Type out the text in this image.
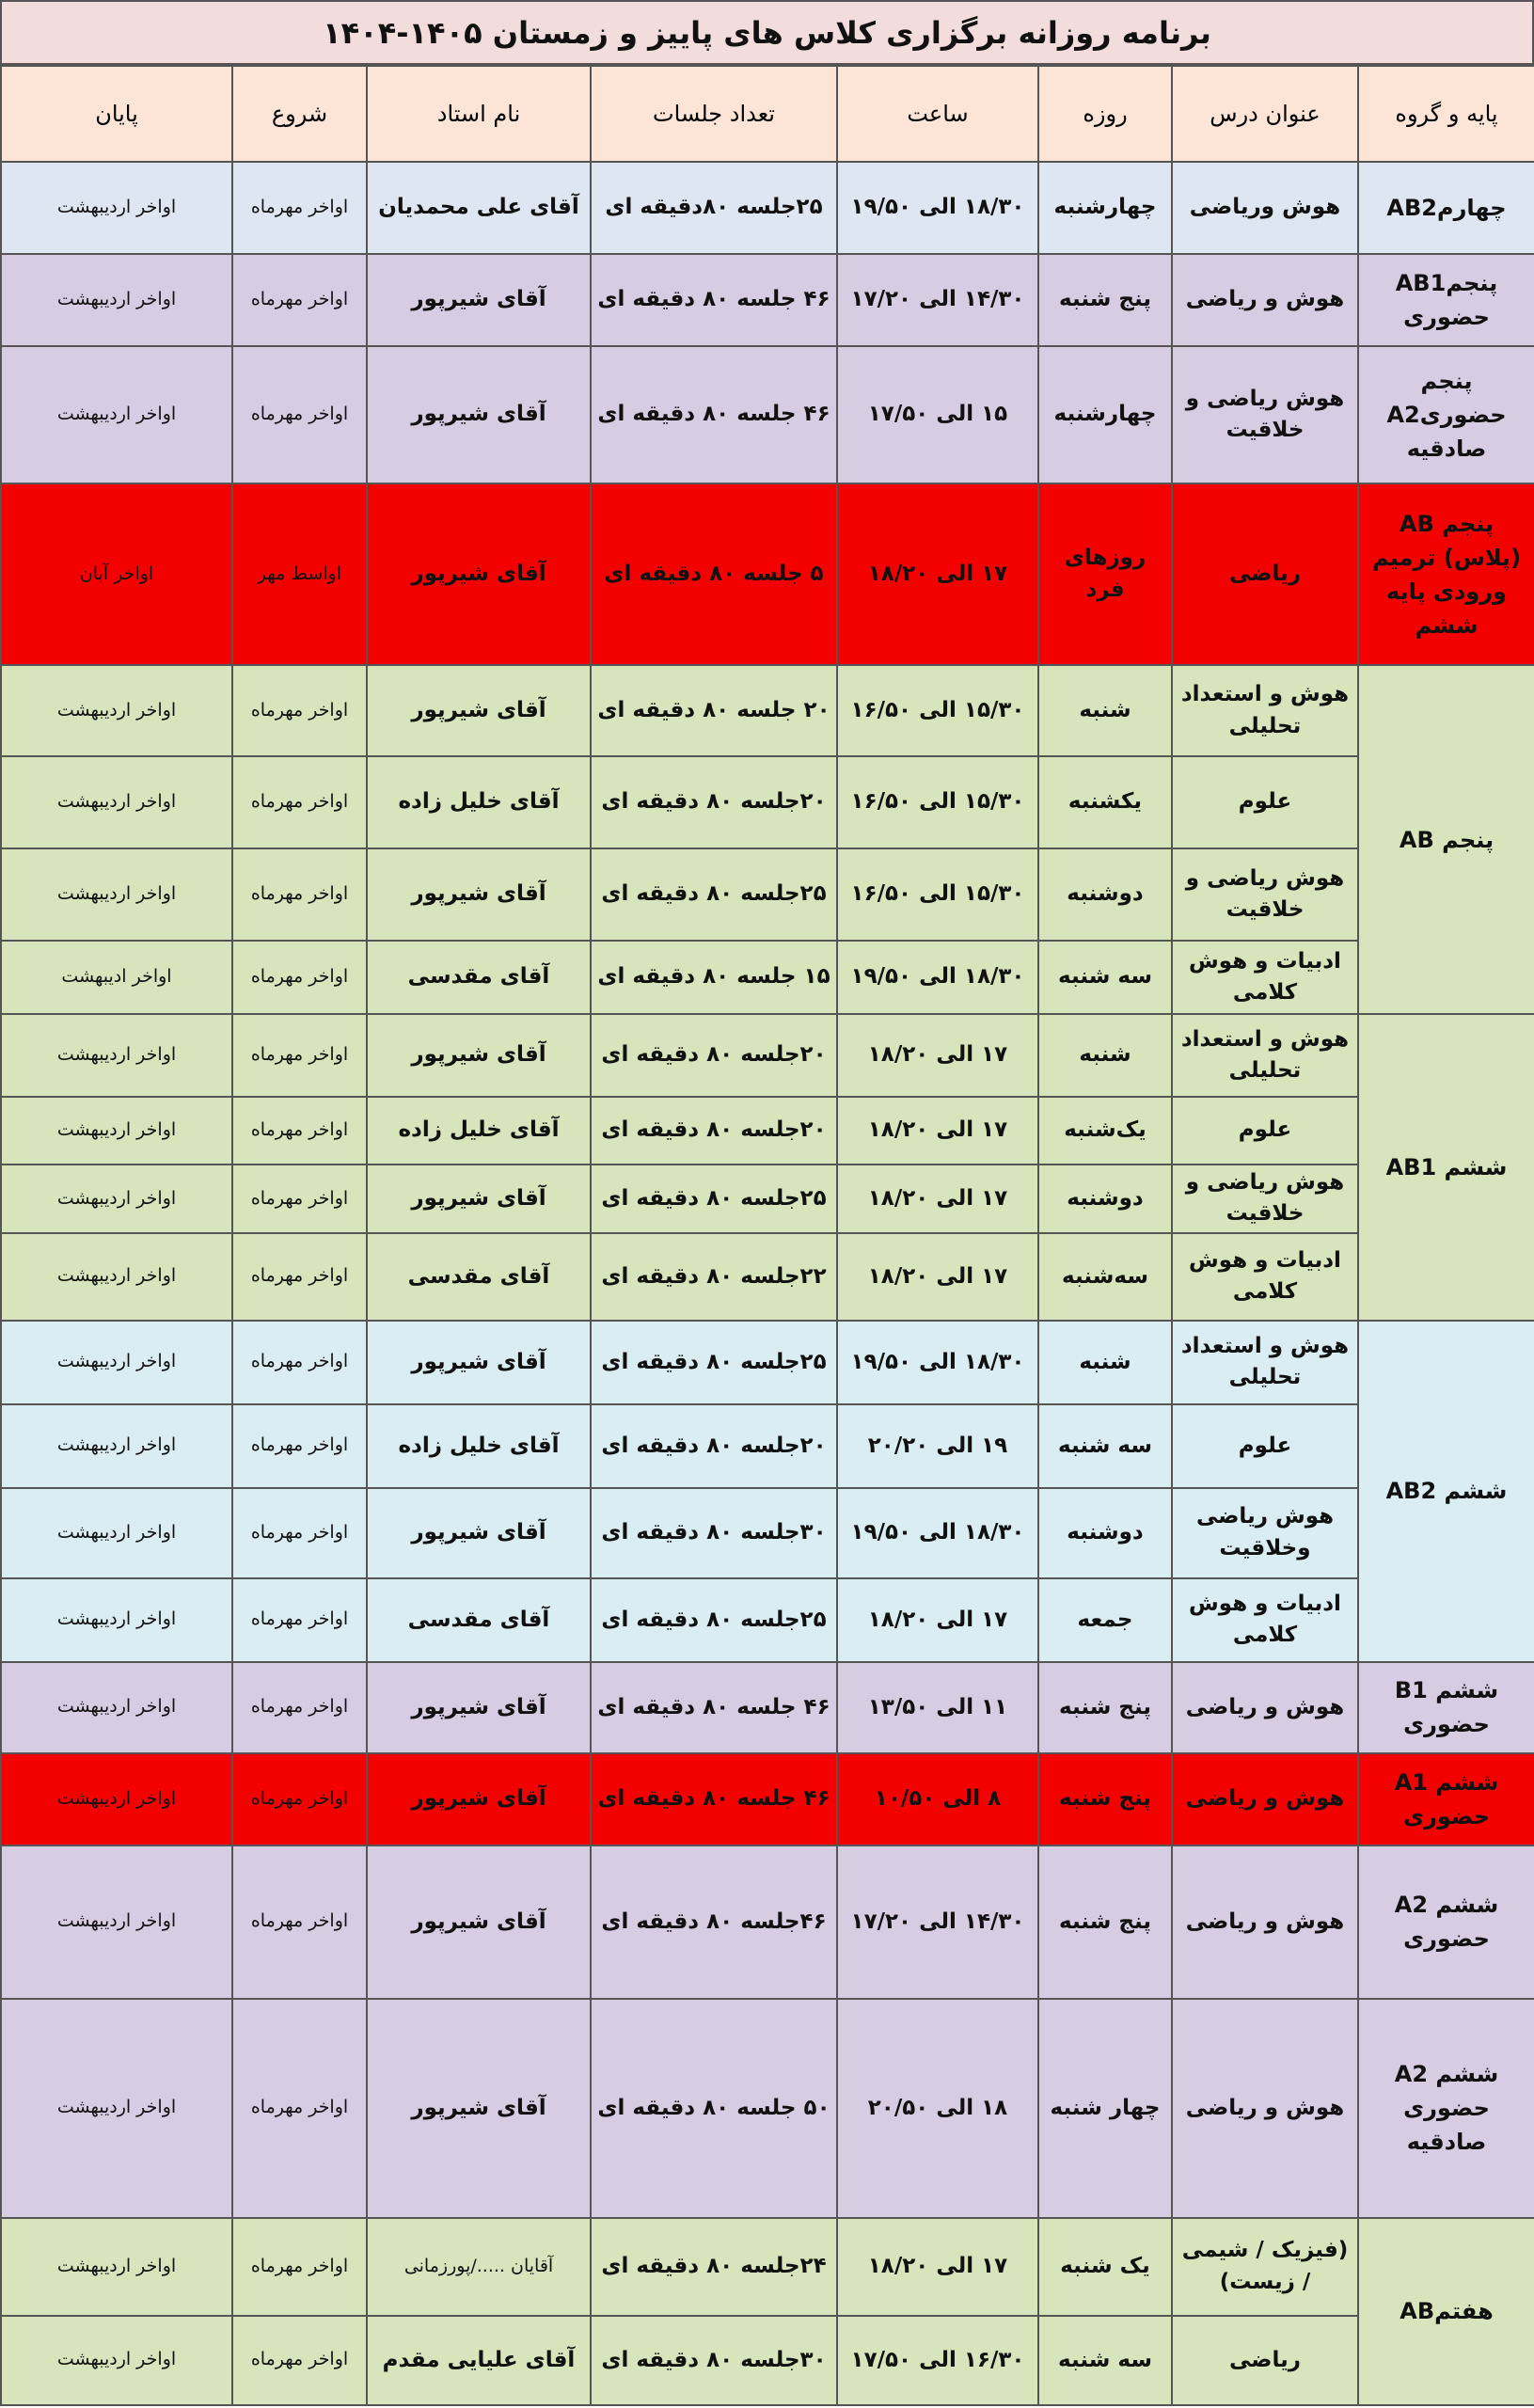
برنامه روزانه برگزاری کلاس های پاییز و زمستان ۱۴۰۵-۱۴۰۴
پایه و گروه	عنوان درس	روزه	ساعت	تعداد جلسات	نام استاد	شروع	پایان
چهارمAB2	هوش وریاضی	چهارشنبه	۱۸/۳۰ الی ۱۹/۵۰	۲۵جلسه ۸۰دقیقه ای	آقای علی محمدیان	اواخر مهرماه	اواخر اردیبهشت
پنجمAB1 حضوری	هوش و ریاضی	پنج شنبه	۱۴/۳۰ الی ۱۷/۲۰	۴۶ جلسه ۸۰ دقیقه ای	آقای شیرپور	اواخر مهرماه	اواخر اردیبهشت
پنجم حضوریA2 صادقیه	هوش ریاضی و خلاقیت	چهارشنبه	۱۵ الی ۱۷/۵۰	۴۶ جلسه ۸۰ دقیقه ای	آقای شیرپور	اواخر مهرماه	اواخر اردیبهشت
پنجم AB (پلاس) ترمیم ورودی پایه ششم	ریاضی	روزهای فرد	۱۷ الی ۱۸/۲۰	۵ جلسه ۸۰ دقیقه ای	آقای شیرپور	اواسط مهر	اواخر آبان
پنجم AB	هوش و استعداد تحلیلی	شنبه	۱۵/۳۰ الی ۱۶/۵۰	۲۰ جلسه ۸۰ دقیقه ای	آقای شیرپور	اواخر مهرماه	اواخر اردیبهشت
	علوم	یکشنبه	۱۵/۳۰ الی ۱۶/۵۰	۲۰جلسه ۸۰ دقیقه ای	آقای خلیل زاده	اواخر مهرماه	اواخر اردیبهشت
	هوش ریاضی و خلاقیت	دوشنبه	۱۵/۳۰ الی ۱۶/۵۰	۲۵جلسه ۸۰ دقیقه ای	آقای شیرپور	اواخر مهرماه	اواخر اردیبهشت
	ادبیات و هوش کلامی	سه شنبه	۱۸/۳۰ الی ۱۹/۵۰	۱۵ جلسه ۸۰ دقیقه ای	آقای مقدسی	اواخر مهرماه	اواخر ادیبهشت
ششم AB1	هوش و استعداد تحلیلی	شنبه	۱۷ الی ۱۸/۲۰	۲۰جلسه ۸۰ دقیقه ای	آقای شیرپور	اواخر مهرماه	اواخر اردیبهشت
	علوم	یک‌شنبه	۱۷ الی ۱۸/۲۰	۲۰جلسه ۸۰ دقیقه ای	آقای خلیل زاده	اواخر مهرماه	اواخر اردیبهشت
	هوش ریاضی و خلاقیت	دوشنبه	۱۷ الی ۱۸/۲۰	۲۵جلسه ۸۰ دقیقه ای	آقای شیرپور	اواخر مهرماه	اواخر اردیبهشت
	ادبیات و هوش کلامی	سه‌شنبه	۱۷ الی ۱۸/۲۰	۲۲جلسه ۸۰ دقیقه ای	آقای مقدسی	اواخر مهرماه	اواخر اردیبهشت
ششم AB2	هوش و استعداد تحلیلی	شنبه	۱۸/۳۰ الی ۱۹/۵۰	۲۵جلسه ۸۰ دقیقه ای	آقای شیرپور	اواخر مهرماه	اواخر اردیبهشت
	علوم	سه شنبه	۱۹ الی ۲۰/۲۰	۲۰جلسه ۸۰ دقیقه ای	آقای خلیل زاده	اواخر مهرماه	اواخر اردیبهشت
	هوش ریاضی وخلاقیت	دوشنبه	۱۸/۳۰ الی ۱۹/۵۰	۳۰جلسه ۸۰ دقیقه ای	آقای شیرپور	اواخر مهرماه	اواخر اردیبهشت
	ادبیات و هوش کلامی	جمعه	۱۷ الی ۱۸/۲۰	۲۵جلسه ۸۰ دقیقه ای	آقای مقدسی	اواخر مهرماه	اواخر اردیبهشت
ششم B1 حضوری	هوش و ریاضی	پنج شنبه	۱۱ الی ۱۳/۵۰	۴۶ جلسه ۸۰ دقیقه ای	آقای شیرپور	اواخر مهرماه	اواخر اردیبهشت
ششم A1 حضوری	هوش و ریاضی	پنج شنبه	۸ الی ۱۰/۵۰	۴۶ جلسه ۸۰ دقیقه ای	آقای شیرپور	اواخر مهرماه	اواخر اردیبهشت
ششم A2 حضوری	هوش و ریاضی	پنج شنبه	۱۴/۳۰ الی ۱۷/۲۰	۴۶جلسه ۸۰ دقیقه ای	آقای شیرپور	اواخر مهرماه	اواخر اردیبهشت
ششم A2 حضوری صادقیه	هوش و ریاضی	چهار شنبه	۱۸ الی ۲۰/۵۰	۵۰ جلسه ۸۰ دقیقه ای	آقای شیرپور	اواخر مهرماه	اواخر اردیبهشت
هفتمAB	(فیزیک / شیمی / زیست)	یک شنبه	۱۷ الی ۱۸/۲۰	۲۴جلسه ۸۰ دقیقه ای	آقایان .....‌/پورزمانی	اواخر مهرماه	اواخر اردیبهشت
	ریاضی	سه شنبه	۱۶/۳۰ الی ۱۷/۵۰	۳۰جلسه ۸۰ دقیقه ای	آقای علیایی مقدم	اواخر مهرماه	اواخر اردیبهشت
